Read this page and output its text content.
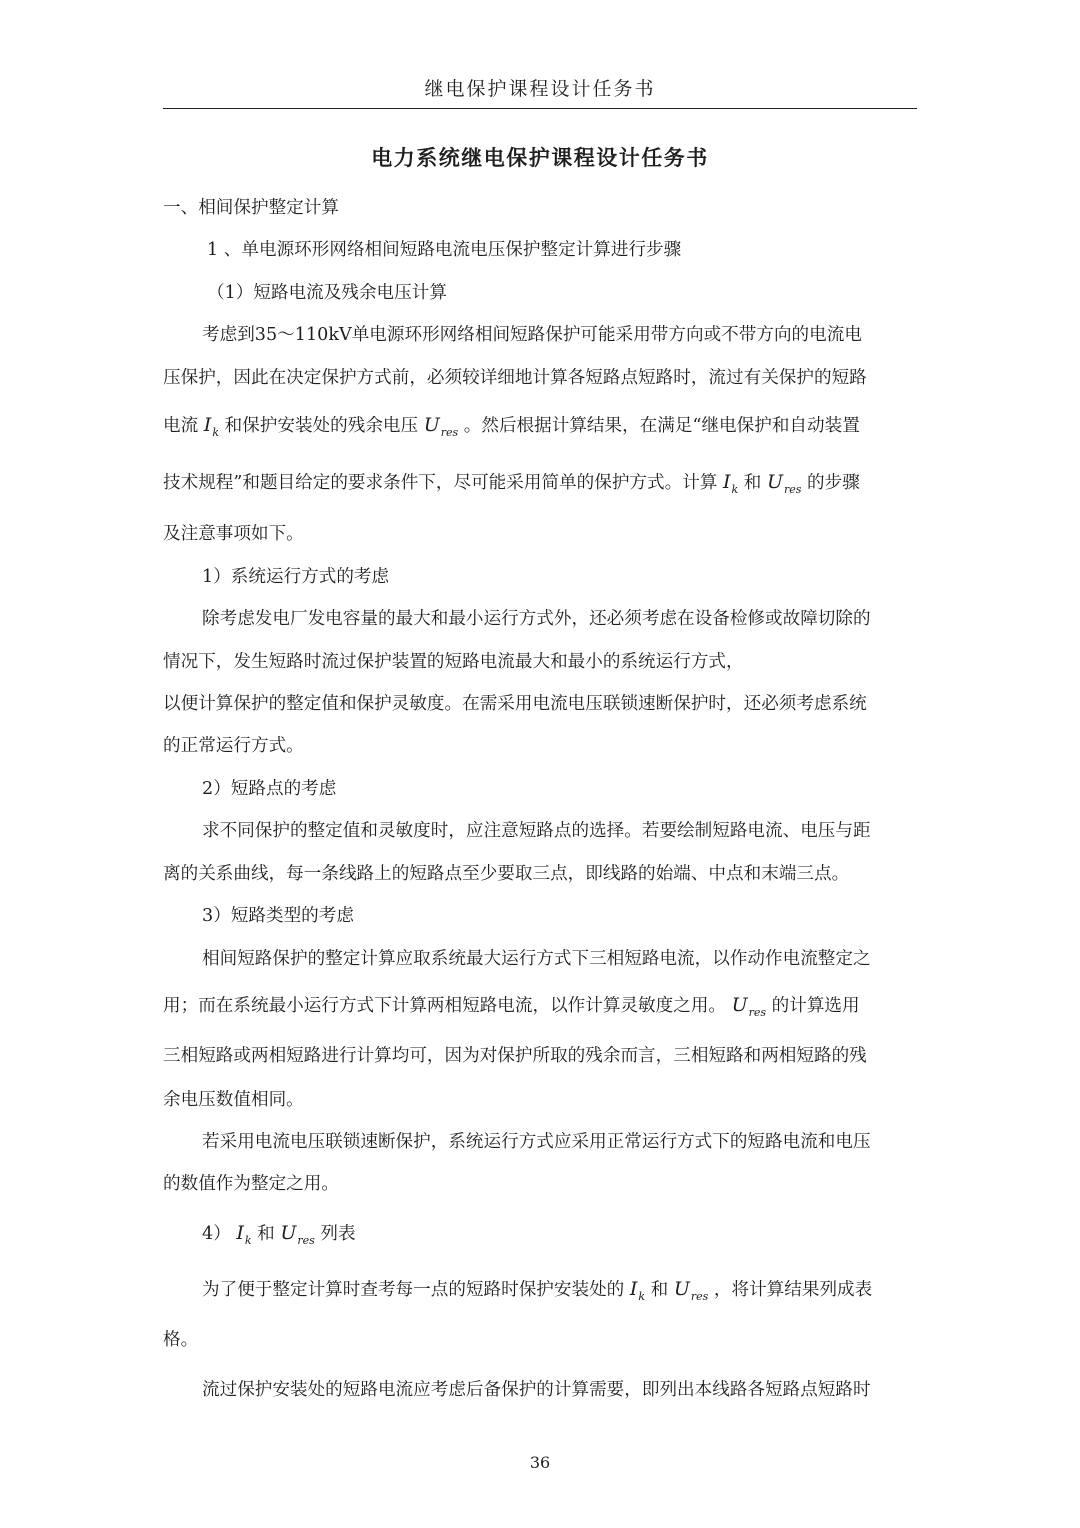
继电保护课程设计任务书
电力系统继电保护课程设计任务书
一、相间保护整定计算
1 、单电源环形网络相间短路电流电压保护整定计算进行步骤
（1）短路电流及残余电压计算
考虑到35～110kV单电源环形网络相间短路保护可能采用带方向或不带方向的电流电
压保护，因此在决定保护方式前，必须较详细地计算各短路点短路时，流过有关保护的短路
电流 $I_k$ 和保护安装处的残余电压 $U_{res}$ 。然后根据计算结果，在满足“继电保护和自动装置
技术规程”和题目给定的要求条件下，尽可能采用简单的保护方式。计算 $I_k$ 和 $U_{res}$ 的步骤
及注意事项如下。
1）系统运行方式的考虑
除考虑发电厂发电容量的最大和最小运行方式外，还必须考虑在设备检修或故障切除的
情况下，发生短路时流过保护装置的短路电流最大和最小的系统运行方式，
以便计算保护的整定值和保护灵敏度。在需采用电流电压联锁速断保护时，还必须考虑系统
的正常运行方式。
2）短路点的考虑
求不同保护的整定值和灵敏度时，应注意短路点的选择。若要绘制短路电流、电压与距
离的关系曲线，每一条线路上的短路点至少要取三点，即线路的始端、中点和末端三点。
3）短路类型的考虑
相间短路保护的整定计算应取系统最大运行方式下三相短路电流，以作动作电流整定之
用；而在系统最小运行方式下计算两相短路电流，以作计算灵敏度之用。 $U_{res}$ 的计算选用
三相短路或两相短路进行计算均可，因为对保护所取的残余而言，三相短路和两相短路的残
余电压数值相同。
若采用电流电压联锁速断保护，系统运行方式应采用正常运行方式下的短路电流和电压
的数值作为整定之用。
4） $I_k$ 和 $U_{res}$ 列表
为了便于整定计算时查考每一点的短路时保护安装处的 $I_k$ 和 $U_{res}$ ，将计算结果列成表
格。
流过保护安装处的短路电流应考虑后备保护的计算需要，即列出本线路各短路点短路时
36
